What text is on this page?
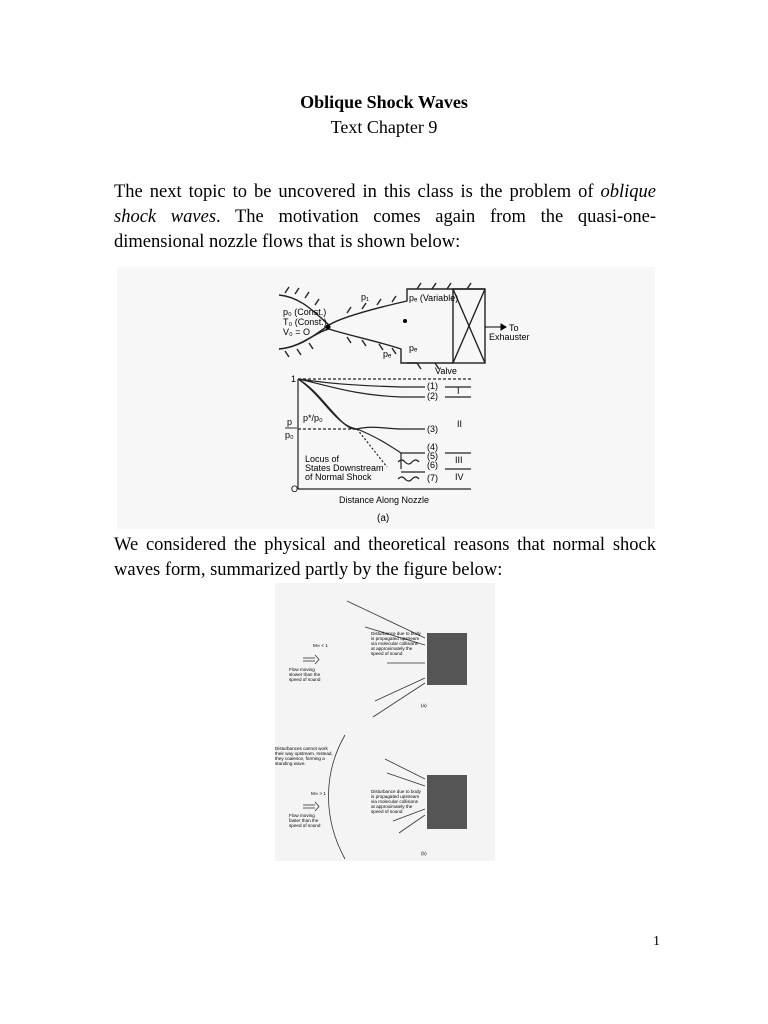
Oblique Shock Waves
Text Chapter 9
The next topic to be uncovered in this class is the problem of oblique shock waves. The motivation comes again from the quasi-one-dimensional nozzle flows that is shown below:
p₀ (Const.)
T₀ (Const.)
V₀ = O
p₁	pₑ (Variable)
pₑ
pₑ
To
Exhauster
Valve
1
O
p
p₀
p*/p₀
(1)
(2)
(3)
(4)
(5)
(6)
(7)
I
II
III
IV
Locus of
States Downstream
of Normal Shock
Distance Along Nozzle
(a)
We considered the physical and theoretical reasons that normal shock waves form, summarized partly by the figure below:
M∞ < 1
Flow moving
slower than the
speed of sound
Disturbance due to body
is propagated upstream
via molecular collisions
at approximately the
speed of sound
(a)
Disturbances cannot work
their way upstream. Instead,
they coalesce, forming a
standing wave.
M∞ > 1
Flow moving
faster than the
speed of sound
Disturbance due to body
is propagated upstream
via molecular collisions
at approximately the
speed of sound
(b)
1
